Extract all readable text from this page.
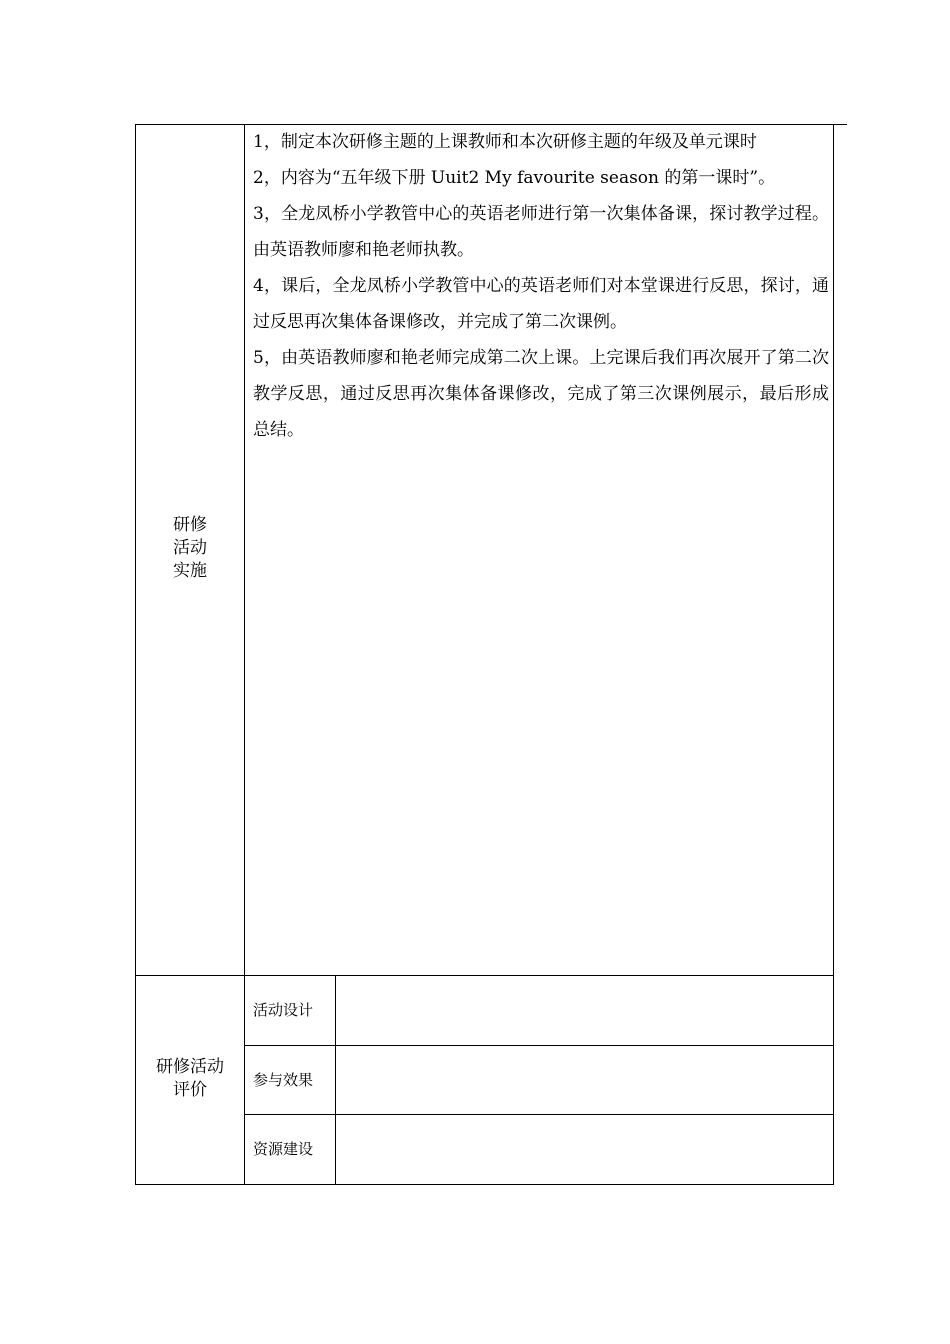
研修
活动
实施

1，制定本次研修主题的上课教师和本次研修主题的年级及单元课时

2，内容为“五年级下册 Uuit2 My favourite season 的第一课时”。

3，全龙凤桥小学教管中心的英语老师进行第一次集体备课，探讨教学过程。由英语教师廖和艳老师执教。

4，课后，全龙凤桥小学教管中心的英语老师们对本堂课进行反思，探讨，通过反思再次集体备课修改，并完成了第二次课例。

5，由英语教师廖和艳老师完成第二次上课。上完课后我们再次展开了第二次教学反思，通过反思再次集体备课修改，完成了第三次课例展示，最后形成总结。

研修活动
评价
活动设计
参与效果
资源建设
